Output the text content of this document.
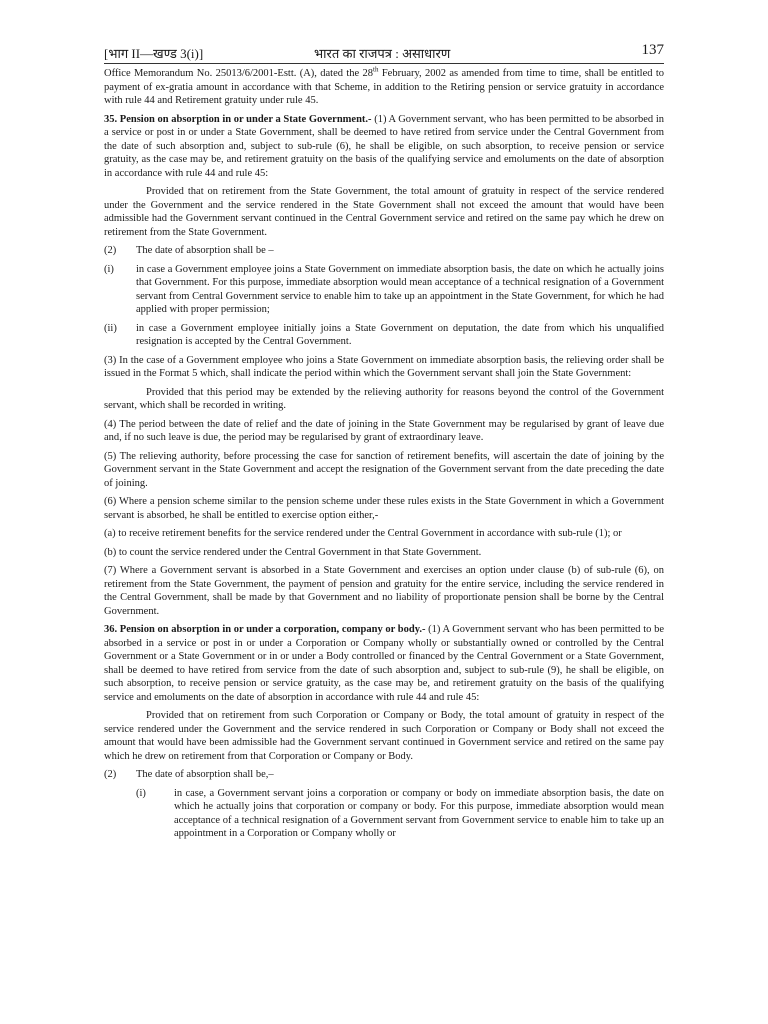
[भाग II—खण्ड 3(i)]	भारत का राजपत्र : असाधारण	137

Office Memorandum No. 25013/6/2001-Estt. (A), dated the 28th February, 2002 as amended from time to time, shall be entitled to payment of ex-gratia amount in accordance with that Scheme, in addition to the Retiring pension or service gratuity in accordance with rule 44 and Retirement gratuity under rule 45.

35. Pension on absorption in or under a State Government.- (1) A Government servant, who has been permitted to be absorbed in a service or post in or under a State Government, shall be deemed to have retired from service under the Central Government from the date of such absorption and, subject to sub-rule (6), he shall be eligible, on such absorption, to receive pension or service gratuity, as the case may be, and retirement gratuity on the basis of the qualifying service and emoluments on the date of absorption in accordance with rule 44 and rule 45:

Provided that on retirement from the State Government, the total amount of gratuity in respect of the service rendered under the Government and the service rendered in the State Government shall not exceed the amount that would have been admissible had the Government servant continued in the Central Government service and retired on the same pay which he drew on retirement from the State Government.

(2) The date of absorption shall be –
(i) in case a Government employee joins a State Government on immediate absorption basis, the date on which he actually joins that Government. For this purpose, immediate absorption would mean acceptance of a technical resignation of a Government servant from Central Government service to enable him to take up an appointment in the State Government, for which he had applied with proper permission;
(ii) in case a Government employee initially joins a State Government on deputation, the date from which his unqualified resignation is accepted by the Central Government.

(3) In the case of a Government employee who joins a State Government on immediate absorption basis, the relieving order shall be issued in the Format 5 which, shall indicate the period within which the Government servant shall join the State Government:

Provided that this period may be extended by the relieving authority for reasons beyond the control of the Government servant, which shall be recorded in writing.

(4) The period between the date of relief and the date of joining in the State Government may be regularised by grant of leave due and, if no such leave is due, the period may be regularised by grant of extraordinary leave.

(5) The relieving authority, before processing the case for sanction of retirement benefits, will ascertain the date of joining by the Government servant in the State Government and accept the resignation of the Government servant from the date preceding the date of joining.

(6) Where a pension scheme similar to the pension scheme under these rules exists in the State Government in which a Government servant is absorbed, he shall be entitled to exercise option either,-

(a) to receive retirement benefits for the service rendered under the Central Government in accordance with sub-rule (1); or

(b) to count the service rendered under the Central Government in that State Government.

(7) Where a Government servant is absorbed in a State Government and exercises an option under clause (b) of sub-rule (6), on retirement from the State Government, the payment of pension and gratuity for the entire service, including the service rendered in the Central Government, shall be made by that Government and no liability of proportionate pension shall be borne by the Central Government.

36. Pension on absorption in or under a corporation, company or body.- (1) A Government servant who has been permitted to be absorbed in a service or post in or under a Corporation or Company wholly or substantially owned or controlled by the Central Government or a State Government or in or under a Body controlled or financed by the Central Government or a State Government, shall be deemed to have retired from service from the date of such absorption and, subject to sub-rule (9), he shall be eligible, on such absorption, to receive pension or service gratuity, as the case may be, and retirement gratuity on the basis of the qualifying service and emoluments on the date of absorption in accordance with rule 44 and rule 45:

Provided that on retirement from such Corporation or Company or Body, the total amount of gratuity in respect of the service rendered under the Government and the service rendered in such Corporation or Company or Body shall not exceed the amount that would have been admissible had the Government servant continued in Government service and retired on the same pay which he drew on retirement from that Corporation or Company or Body.

(2) The date of absorption shall be,–
(i)	in case, a Government servant joins a corporation or company or body on immediate absorption basis, the date on which he actually joins that corporation or company or body. For this purpose, immediate absorption would mean acceptance of a technical resignation of a Government servant from Government service to enable him to take up an appointment in a Corporation or Company wholly or
